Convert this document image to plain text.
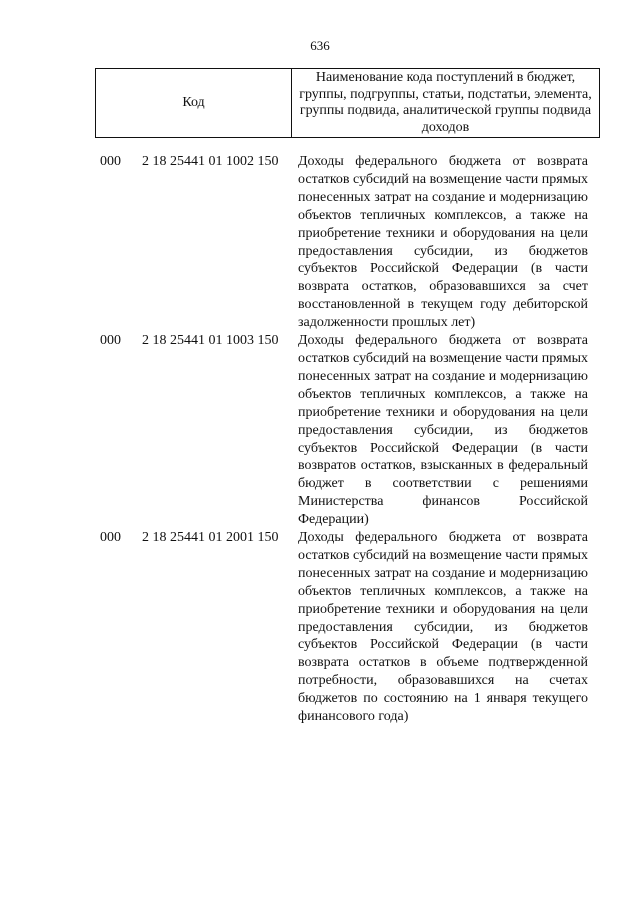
636
Код
Наименование кода поступлений в бюджет, группы, подгруппы, статьи, подстатьи, элемента, группы подвида, аналитической группы подвида доходов
000	2 18 25441 01 1002 150	Доходы федерального бюджета от возврата остатков субсидий на возмещение части прямых понесенных затрат на создание и модернизацию объектов тепличных комплексов, а также на приобретение техники и оборудования на цели предоставления субсидии, из бюджетов субъектов Российской Федерации (в части возврата остатков, образовавшихся за счет восстановленной в текущем году дебиторской задолженности прошлых лет)
000	2 18 25441 01 1003 150	Доходы федерального бюджета от возврата остатков субсидий на возмещение части прямых понесенных затрат на создание и модернизацию объектов тепличных комплексов, а также на приобретение техники и оборудования на цели предоставления субсидии, из бюджетов субъектов Российской Федерации (в части возвратов остатков, взысканных в федеральный бюджет в соответствии с решениями Министерства финансов Российской Федерации)
000	2 18 25441 01 2001 150	Доходы федерального бюджета от возврата остатков субсидий на возмещение части прямых понесенных затрат на создание и модернизацию объектов тепличных комплексов, а также на приобретение техники и оборудования на цели предоставления субсидии, из бюджетов субъектов Российской Федерации (в части возврата остатков в объеме подтвержденной потребности, образовавшихся на счетах бюджетов по состоянию на 1 января текущего финансового года)
